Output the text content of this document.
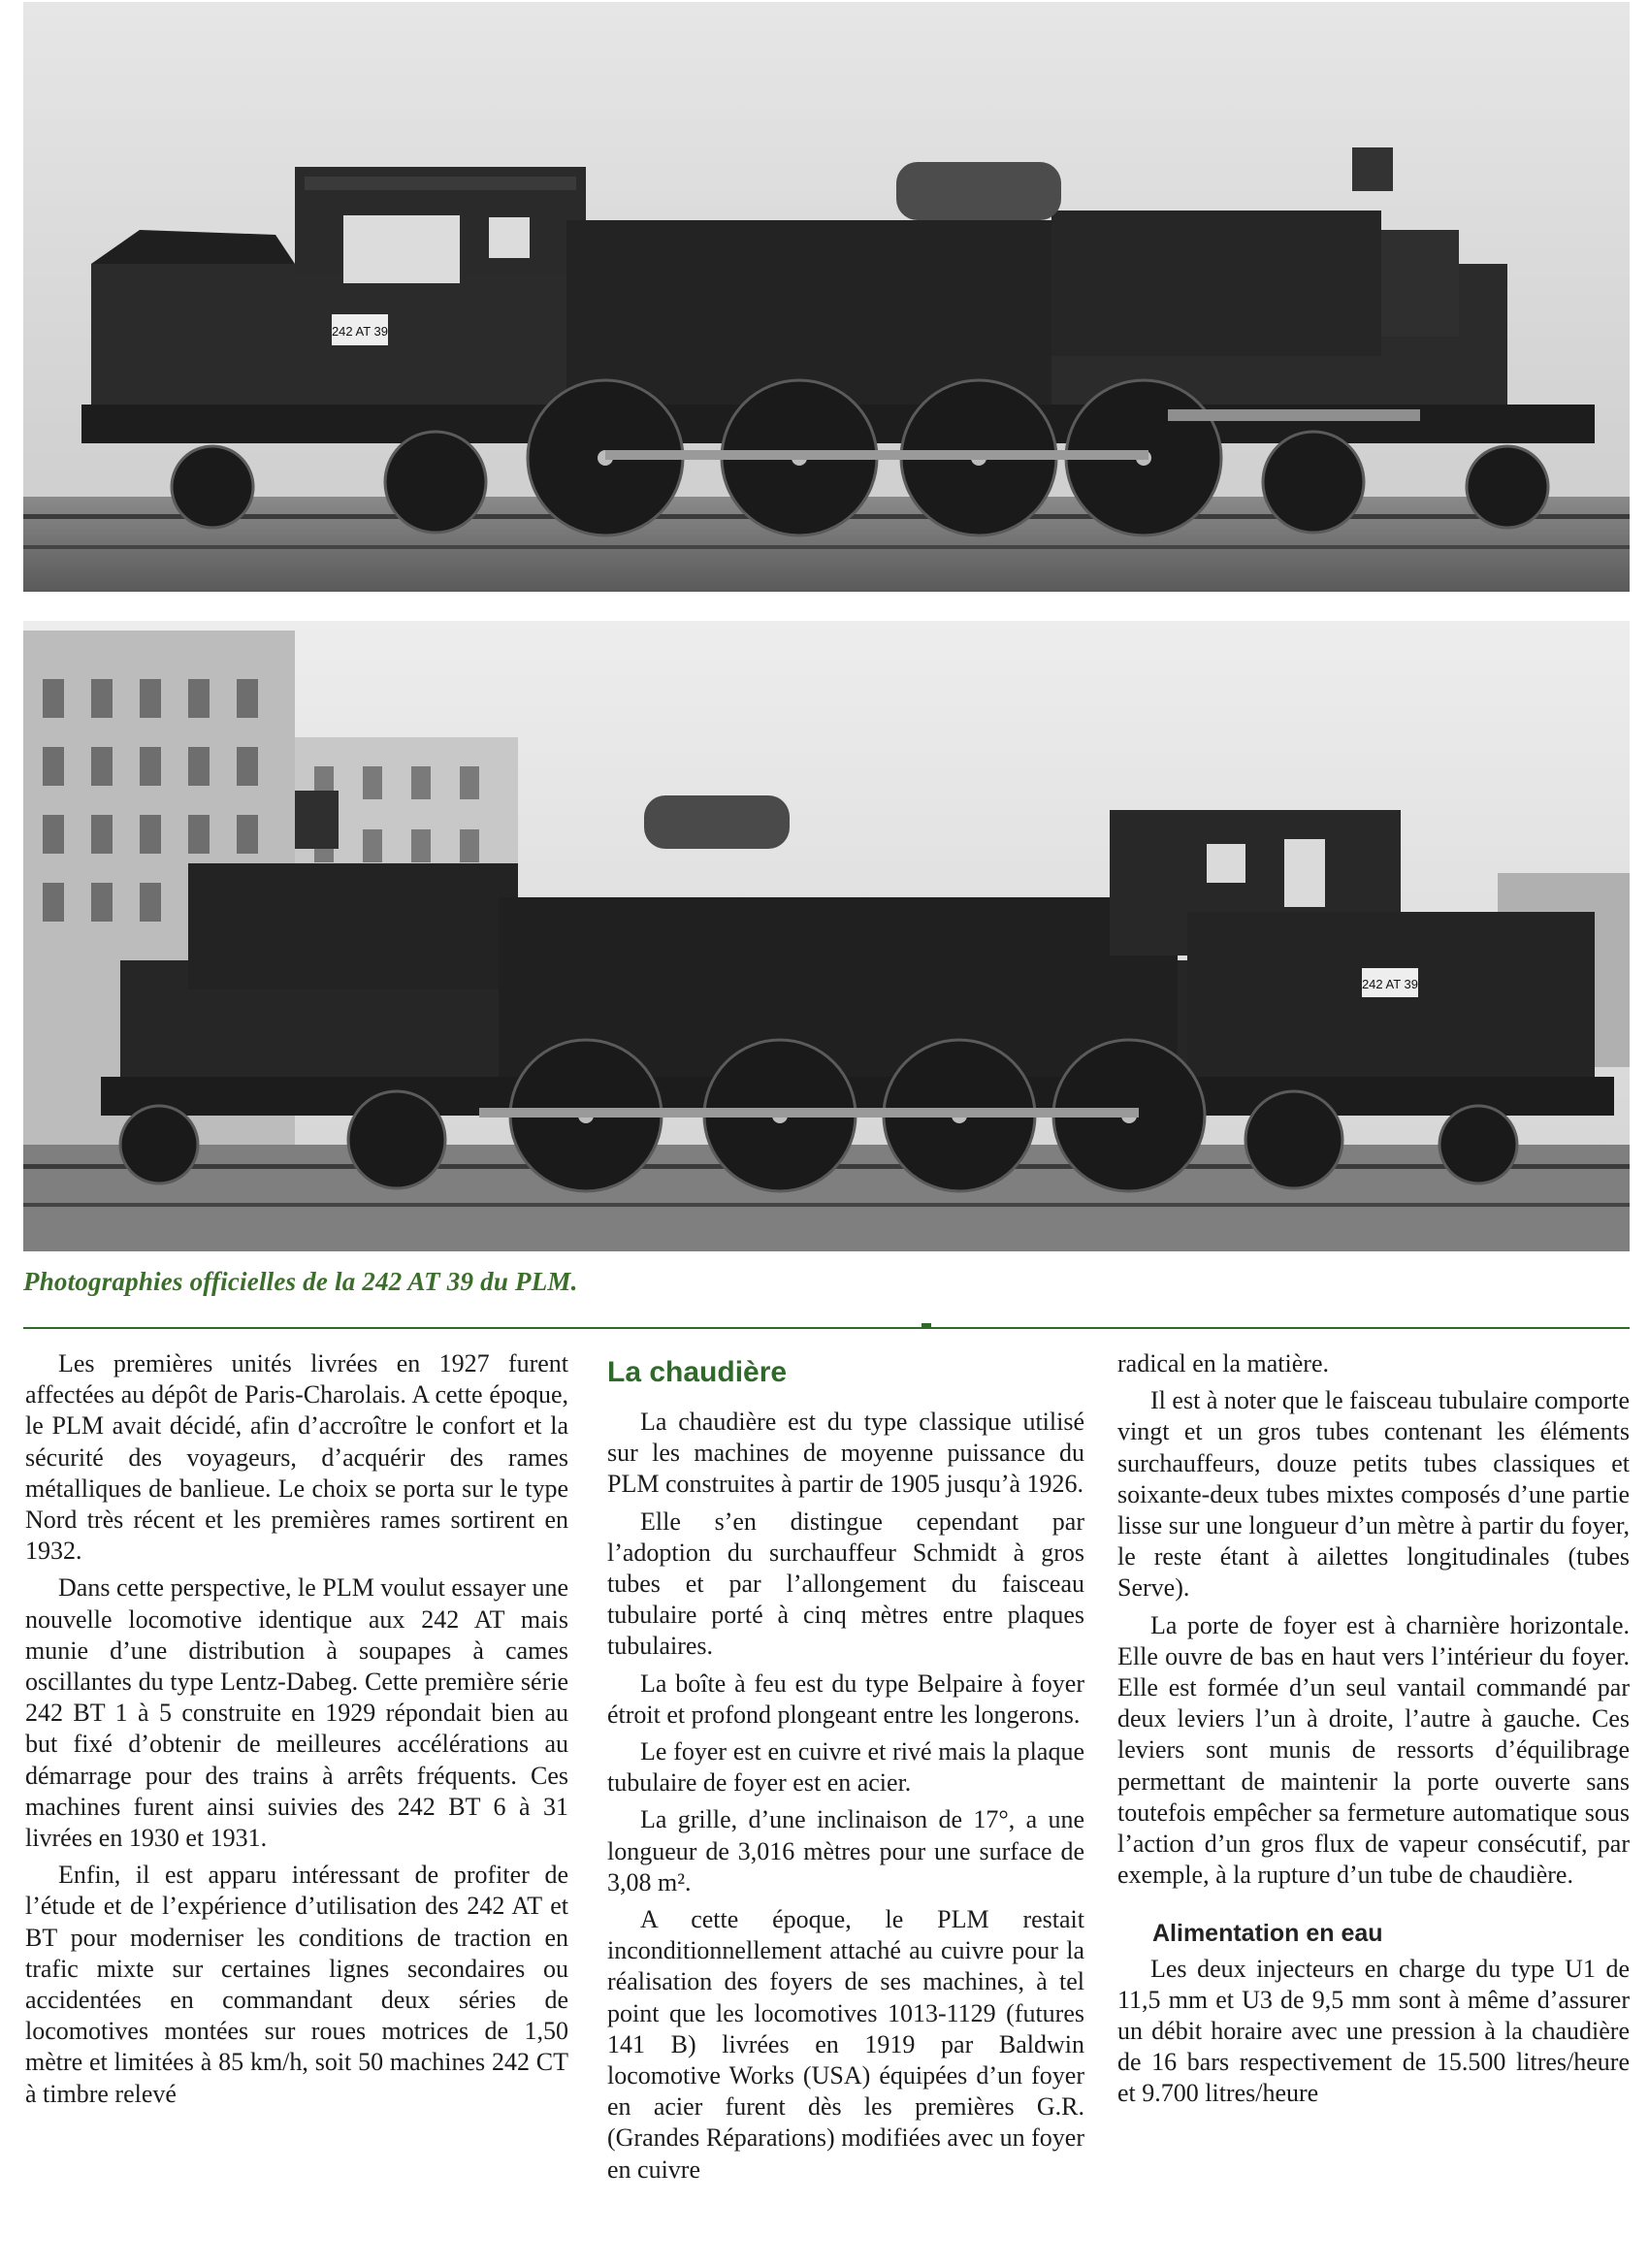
242 AT 39
242 AT 39
Photographies officielles de la 242 AT 39 du PLM.

Les premières unités livrées en 1927 furent affectées au dépôt de Paris-Charolais. A cette époque, le PLM avait décidé, afin d’accroître le confort et la sécurité des voyageurs, d’acquérir des rames métalliques de banlieue. Le choix se porta sur le type Nord très récent et les premières rames sortirent en 1932.

Dans cette perspective, le PLM voulut essayer une nouvelle locomotive identique aux 242 AT mais munie d’une distribution à soupapes à cames oscillantes du type Lentz-Dabeg. Cette première série 242 BT 1 à 5 construite en 1929 répondait bien au but fixé d’obtenir de meilleures accélérations au démarrage pour des trains à arrêts fréquents. Ces machines furent ainsi suivies des 242 BT 6 à 31 livrées en 1930 et 1931.

Enfin, il est apparu intéressant de profiter de l’étude et de l’expérience d’utilisation des 242 AT et BT pour moderniser les conditions de traction en trafic mixte sur certaines lignes secondaires ou accidentées en commandant deux séries de locomotives montées sur roues motrices de 1,50 mètre et limitées à 85 km/h, soit 50 machines 242 CT à timbre relevé

La chaudière

La chaudière est du type classique utilisé sur les machines de moyenne puissance du PLM construites à partir de 1905 jusqu’à 1926.

Elle s’en distingue cependant par l’adoption du surchauffeur Schmidt à gros tubes et par l’allongement du faisceau tubulaire porté à cinq mètres entre plaques tubulaires.

La boîte à feu est du type Belpaire à foyer étroit et profond plongeant entre les longerons.

Le foyer est en cuivre et rivé mais la plaque tubulaire de foyer est en acier.

La grille, d’une inclinaison de 17°, a une longueur de 3,016 mètres pour une surface de 3,08 m².

A cette époque, le PLM restait inconditionnellement attaché au cuivre pour la réalisation des foyers de ses machines, à tel point que les locomotives 1013-1129 (futures 141 B) livrées en 1919 par Baldwin locomotive Works (USA) équipées d’un foyer en acier furent dès les premières G.R. (Grandes Réparations) modifiées avec un foyer en cuivre

radical en la matière.

Il est à noter que le faisceau tubulaire comporte vingt et un gros tubes contenant les éléments surchauffeurs, douze petits tubes classiques et soixante-deux tubes mixtes composés d’une partie lisse sur une longueur d’un mètre à partir du foyer, le reste étant à ailettes longitudinales (tubes Serve).

La porte de foyer est à charnière horizontale. Elle ouvre de bas en haut vers l’intérieur du foyer. Elle est formée d’un seul vantail commandé par deux leviers l’un à droite, l’autre à gauche. Ces leviers sont munis de ressorts d’équilibrage permettant de maintenir la porte ouverte sans toutefois empêcher sa fermeture automatique sous l’action d’un gros flux de vapeur consécutif, par exemple, à la rupture d’un tube de chaudière.

Alimentation en eau

Les deux injecteurs en charge du type U1 de 11,5 mm et U3 de 9,5 mm sont à même d’assurer un débit horaire avec une pression à la chaudière de 16 bars respectivement de 15.500 litres/heure et 9.700 litres/heure
